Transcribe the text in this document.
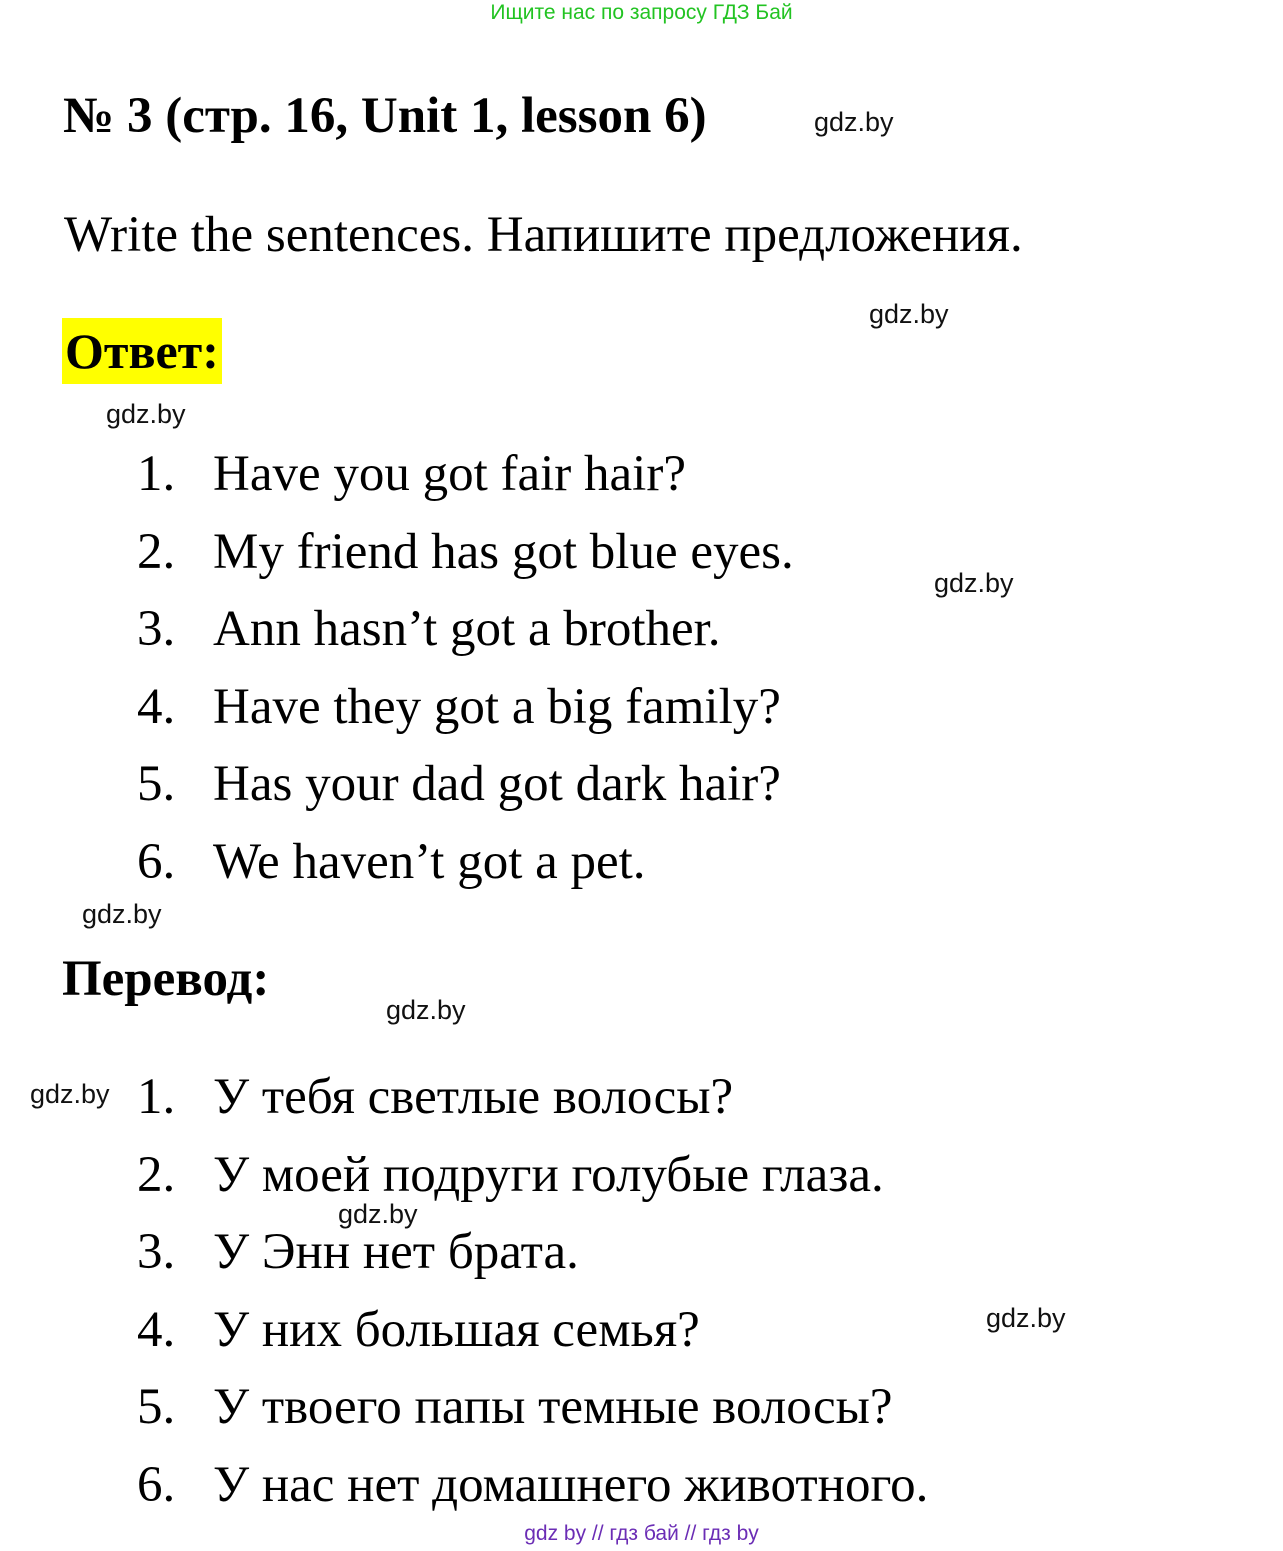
Ищите нас по запросу ГДЗ Бай
№ 3 (стр. 16, Unit 1, lesson 6)	gdz.by
Write the sentences. Напишите предложения.
gdz.by
Ответ:
gdz.by
1. Have you got fair hair?
2. My friend has got blue eyes.
3. Ann hasn’t got a brother.
4. Have they got a big family?
5. Has your dad got dark hair?
6. We haven’t got a pet.
gdz.by
gdz.by
Перевод:
gdz.by
gdz.by 1. У тебя светлые волосы?
2. У моей подруги голубые глаза.
3. У Энн нет брата.
4. У них большая семья?
5. У твоего папы темные волосы?
6. У нас нет домашнего животного.
gdz.by
gdz.by
gdz by // гдз бай // гдз by
